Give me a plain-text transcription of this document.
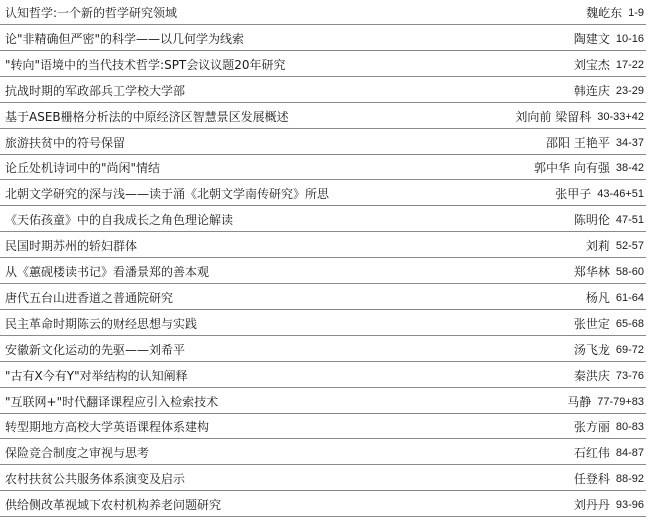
认知哲学:一个新的哲学研究领域	魏屹东 1-9
论"非精确但严密"的科学——以几何学为线索	陶建文 10-16
"转向"语境中的当代技术哲学:SPT会议议题20年研究	刘宝杰 17-22
抗战时期的军政部兵工学校大学部	韩连庆 23-29
基于ASEB栅格分析法的中原经济区智慧景区发展概述	刘向前 梁留科 30-33+42
旅游扶贫中的符号保留	邵阳 王艳平 34-37
论丘处机诗词中的"尚闲"情结	郭中华 向有强 38-42
北朝文学研究的深与浅——读于涌《北朝文学南传研究》所思	张甲子 43-46+51
《天佑孩童》中的自我成长之角色理论解读	陈明伦 47-51
民国时期苏州的轿妇群体	刘莉 52-57
从《蕙砚楼读书记》看潘景郑的善本观	郑华林 58-60
唐代五台山进香道之普通院研究	杨凡 61-64
民主革命时期陈云的财经思想与实践	张世定 65-68
安徽新文化运动的先驱——刘希平	汤飞龙 69-72
"古有X今有Y"对举结构的认知阐释	秦洪庆 73-76
"互联网+"时代翻译课程应引入检索技术	马静 77-79+83
转型期地方高校大学英语课程体系建构	张方丽 80-83
保险竞合制度之审视与思考	石红伟 84-87
农村扶贫公共服务体系演变及启示	任登科 88-92
供给侧改革视域下农村机构养老问题研究	刘丹丹 93-96
